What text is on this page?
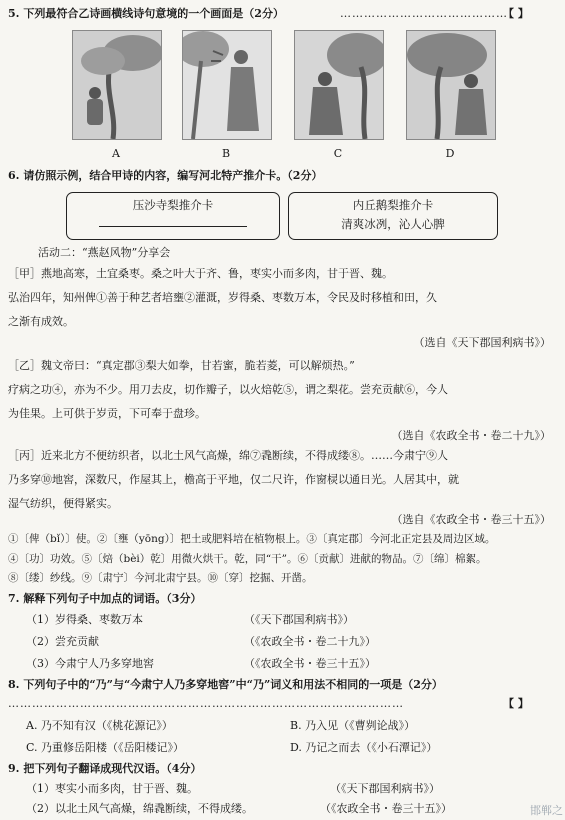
5. 下列最符合乙诗画横线诗句意境的一个画面是（2分）	……………………………………
【 】
A	B	C	D
6. 请仿照示例，结合甲诗的内容，编写河北特产推介卡。（2分）
压沙寺梨推介卡	内丘鹅梨推介卡
清爽冰冽，沁人心脾
活动二：“燕赵风物”分享会
［甲］燕地高寒，土宜桑枣。桑之叶大于齐、鲁，枣实小而多肉，甘于晋、魏。
弘治四年，知州俾①善于种艺者培壅②灌溉，岁得桑、枣数万本，令民及时移植和田，久
之渐有成效。
（选自《天下郡国利病书》）
［乙］魏文帝曰：“真定郡③梨大如拳，甘若蜜，脆若菱，可以解烦热。”
疗病之功④，亦为不少。用刀去皮，切作瓣子，以火焙乾⑤，谓之梨花。尝充贡献⑥，今人
为佳果。上可供于岁贡，下可奉于盘珍。
（选自《农政全书・卷二十九》）
［丙］近来北方不便纺织者，以北土风气高燥，绵⑦毳断续，不得成缕⑧。……今肃宁⑨人
乃多穿⑩地窖，深数尺，作屋其上，檐高于平地，仅二尺许，作窗棂以通日光。人居其中，就
湿气纺织，便得紧实。
（选自《农政全书・卷三十五》）
①〔俾（bǐ）〕使。②〔壅（yōng）〕把土或肥料培在植物根上。③〔真定郡〕今河北正定县及周边区域。
④〔功〕功效。⑤〔焙（bèi）乾〕用微火烘干。乾，同“干”。⑥〔贡献〕进献的物品。⑦〔绵〕棉絮。
⑧〔缕〕纱线。⑨〔肃宁〕今河北肃宁县。⑩〔穿〕挖掘、开凿。
7. 解释下列句子中加点的词语。（3分）
（1）岁得桑、枣数万本	（《天下郡国利病书》）
（2）尝充贡献	（《农政全书・卷二十九》）
（3）今肃宁人乃多穿地窖	（《农政全书・卷三十五》）
8. 下列句子中的“乃”与“今肃宁人乃多穿地窖”中“乃”词义和用法不相同的一项是（2分）
………………………………………………………………………………………	【 】
A. 乃不知有汉（《桃花源记》）	B. 乃入见（《曹刿论战》）
C. 乃重修岳阳楼（《岳阳楼记》）	D. 乃记之而去（《小石潭记》）
9. 把下列句子翻译成现代汉语。（4分）
（1）枣实小而多肉，甘于晋、魏。	（《天下郡国利病书》）
（2）以北土风气高燥，绵毳断续，不得成缕。	（《农政全书・卷三十五》）	邯郸之
